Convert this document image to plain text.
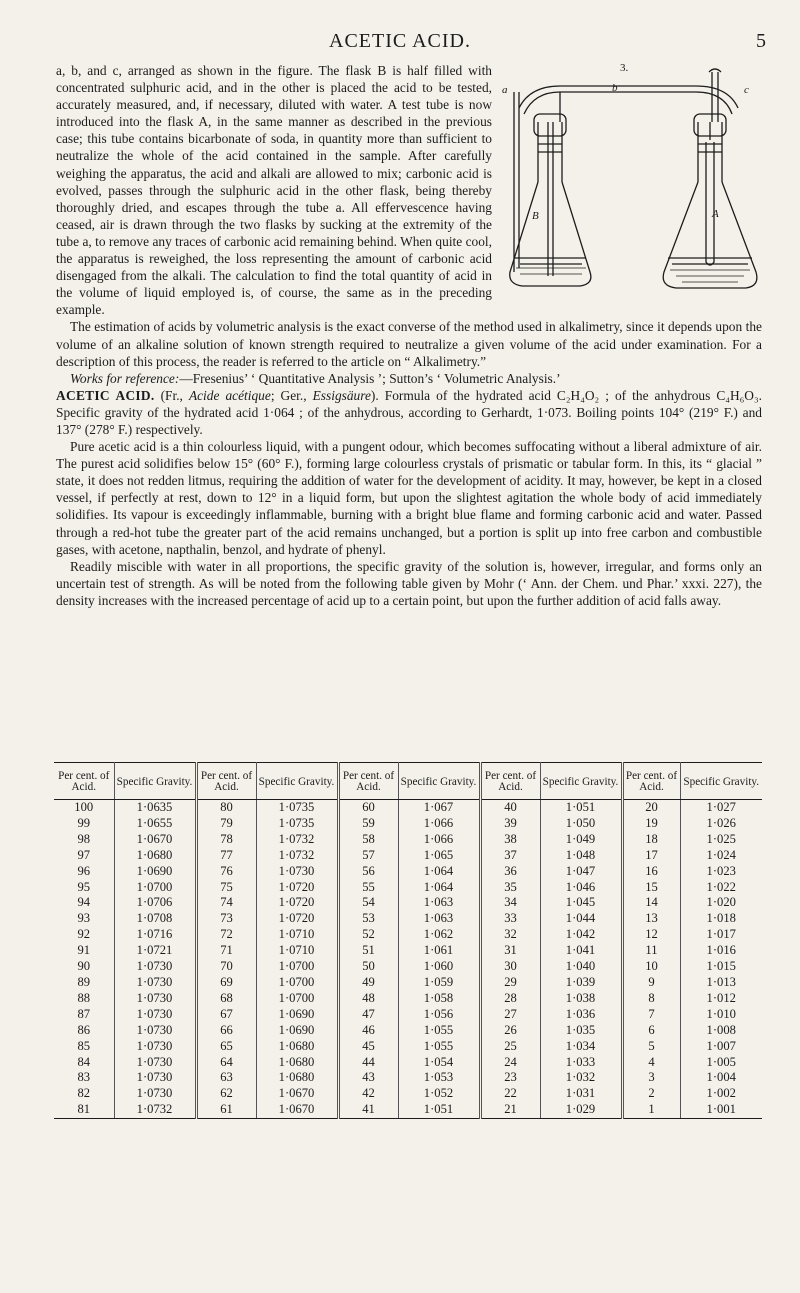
ACETIC ACID.	5
3.
a	b	c
B	A

a, b, and c, arranged as shown in the figure. The flask B is half filled with concentrated sulphuric acid, and in the other is placed the acid to be tested, accurately measured, and, if necessary, diluted with water. A test tube is now introduced into the flask A, in the same manner as described in the previous case; this tube contains bicarbonate of soda, in quantity more than sufficient to neutralize the whole of the acid contained in the sample. After carefully weighing the apparatus, the acid and alkali are allowed to mix; carbonic acid is evolved, passes through the sulphuric acid in the other flask, being thereby thoroughly dried, and escapes through the tube a. All effervescence having ceased, air is drawn through the two flasks by sucking at the extremity of the tube a, to remove any traces of carbonic acid remaining behind. When quite cool, the apparatus is reweighed, the loss representing the amount of carbonic acid disengaged from the alkali. The calculation to find the total quantity of acid in the volume of liquid employed is, of course, the same as in the preceding example.

The estimation of acids by volumetric analysis is the exact converse of the method used in alkalimetry, since it depends upon the volume of an alkaline solution of known strength required to neutralize a given volume of the acid under examination. For a description of this process, the reader is referred to the article on “ Alkalimetry.”

Works for reference:—Fresenius’ ‘ Quantitative Analysis ’; Sutton’s ‘ Volumetric Analysis.’

ACETIC ACID. (Fr., Acide acétique; Ger., Essigsäure). Formula of the hydrated acid C₂H₄O₂ ; of the anhydrous C₄H₆O₃. Specific gravity of the hydrated acid 1·064 ; of the anhydrous, according to Gerhardt, 1·073. Boiling points 104° (219° F.) and 137° (278° F.) respectively.

Pure acetic acid is a thin colourless liquid, with a pungent odour, which becomes suffocating without a liberal admixture of air. The purest acid solidifies below 15° (60° F.), forming large colourless crystals of prismatic or tabular form. In this, its “ glacial ” state, it does not redden litmus, requiring the addition of water for the development of acidity. It may, however, be kept in a closed vessel, if perfectly at rest, down to 12° in a liquid form, but upon the slightest agitation the whole body of acid immediately solidifies. Its vapour is exceedingly inflammable, burning with a bright blue flame and forming carbonic acid and water. Passed through a red-hot tube the greater part of the acid remains unchanged, but a portion is split up into free carbon and combustible gases, with acetone, napthalin, benzol, and hydrate of phenyl.

Readily miscible with water in all proportions, the specific gravity of the solution is, however, irregular, and forms only an uncertain test of strength. As will be noted from the following table given by Mohr (‘ Ann. der Chem. und Phar.’ xxxi. 227), the density increases with the increased percentage of acid up to a certain point, but upon the further addition of acid falls away.

Per cent. of Acid.	Specific Gravity.	Per cent. of Acid.	Specific Gravity.	Per cent. of Acid.	Specific Gravity.	Per cent. of Acid.	Specific Gravity.	Per cent. of Acid.	Specific Gravity.
100	1·0635	80	1·0735	60	1·067	40	1·051	20	1·027
99	1·0655	79	1·0735	59	1·066	39	1·050	19	1·026
98	1·0670	78	1·0732	58	1·066	38	1·049	18	1·025
97	1·0680	77	1·0732	57	1·065	37	1·048	17	1·024
96	1·0690	76	1·0730	56	1·064	36	1·047	16	1·023
95	1·0700	75	1·0720	55	1·064	35	1·046	15	1·022
94	1·0706	74	1·0720	54	1·063	34	1·045	14	1·020
93	1·0708	73	1·0720	53	1·063	33	1·044	13	1·018
92	1·0716	72	1·0710	52	1·062	32	1·042	12	1·017
91	1·0721	71	1·0710	51	1·061	31	1·041	11	1·016
90	1·0730	70	1·0700	50	1·060	30	1·040	10	1·015
89	1·0730	69	1·0700	49	1·059	29	1·039	9	1·013
88	1·0730	68	1·0700	48	1·058	28	1·038	8	1·012
87	1·0730	67	1·0690	47	1·056	27	1·036	7	1·010
86	1·0730	66	1·0690	46	1·055	26	1·035	6	1·008
85	1·0730	65	1·0680	45	1·055	25	1·034	5	1·007
84	1·0730	64	1·0680	44	1·054	24	1·033	4	1·005
83	1·0730	63	1·0680	43	1·053	23	1·032	3	1·004
82	1·0730	62	1·0670	42	1·052	22	1·031	2	1·002
81	1·0732	61	1·0670	41	1·051	21	1·029	1	1·001
